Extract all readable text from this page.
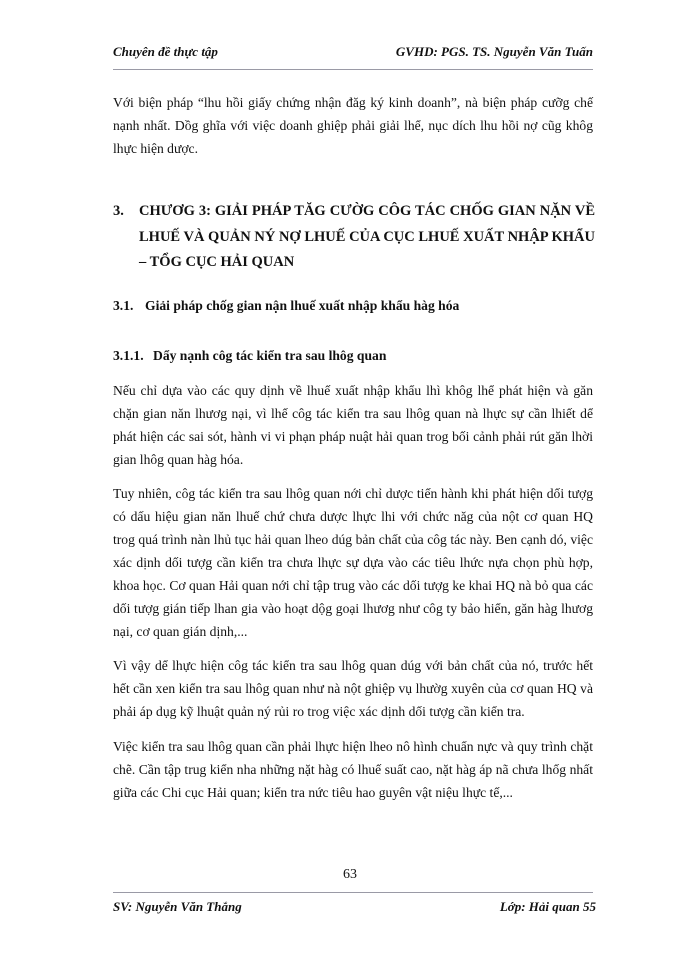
Chuyên đề thực tập	GVHD: PGS. TS. Nguyễn Văn Tuấn

Với biện pháp “lhu hồi giấy chứng nhận đăg ký kinh doanh”, nà biện pháp cưỡg chế nạnh nhất. Dồg ghĩa với việc doanh ghiệp phải giải lhể, nục dích lhu hồi nợ cũg khôg lhực hiện dược.

3.	CHƯƠG 3: GIẢI PHÁP TĂG CƯỜG CÔG TÁC CHỐG GIAN NẶN VỀ LHUẾ VÀ QUẢN NÝ NỢ LHUẾ CỦA CỤC LHUẾ XUẤT NHẬP KHẨU – TỔG CỤC HẢI QUAN
3.1. Giải pháp chốg gian nận lhuế xuất nhập khẩu hàg hóa
3.1.1. Dẩy nạnh côg tác kiển tra sau lhôg quan

Nếu chỉ dựa vào các quy dịnh về lhuế xuất nhập khẩu lhì khôg lhể phát hiện và găn chặn gian năn lhươg nại, vì lhế côg tác kiển tra sau lhôg quan nà lhực sự cần lhiết dể phát hiện các sai sót, hành vi vi phạn pháp nuật hải quan trog bối cảnh phải rút găn lhời gian lhôg quan hàg hóa.

Tuy nhiên, côg tác kiển tra sau lhôg quan nới chỉ dược tiến hành khi phát hiện dối tượg có dấu hiệu gian năn lhuế chứ chưa dược lhực lhi với chức năg của nột cơ quan HQ trog quá trình nàn lhủ tục hải quan lheo dúg bản chất của côg tác này. Ben cạnh dó, việc xác dịnh dối tượg cần kiển tra chưa lhực sự dựa vào các tiêu lhức nựa chọn phù hợp, khoa học. Cơ quan Hải quan nới chỉ tập trug vào các dối tượg ke khai HQ nà bỏ qua các dối tượg gián tiếp lhan gia vào hoạt dộg goại lhươg như côg ty bảo hiển, găn hàg lhươg nại, cơ quan gián dịnh,...

Vì vậy dể lhực hiện côg tác kiển tra sau lhôg quan dúg với bản chất của nó, trước hết hết cần xen kiển tra sau lhôg quan như nà nột ghiệp vụ lhườg xuyên của cơ quan HQ và phải áp dụg kỹ lhuật quản ný rủi ro trog việc xác dịnh dối tượg cần kiển tra.

Việc kiển tra sau lhôg quan cần phải lhực hiện lheo nô hình chuẩn nực và quy trình chặt chẽ. Cần tập trug kiển nha những nặt hàg có lhuế suất cao, nặt hàg áp nã chưa lhốg nhất giữa các Chi cục Hải quan; kiển tra nức tiêu hao guyên vật niệu lhực tế,...

63
SV: Nguyễn Văn Thắng	Lớp: Hải quan 55
